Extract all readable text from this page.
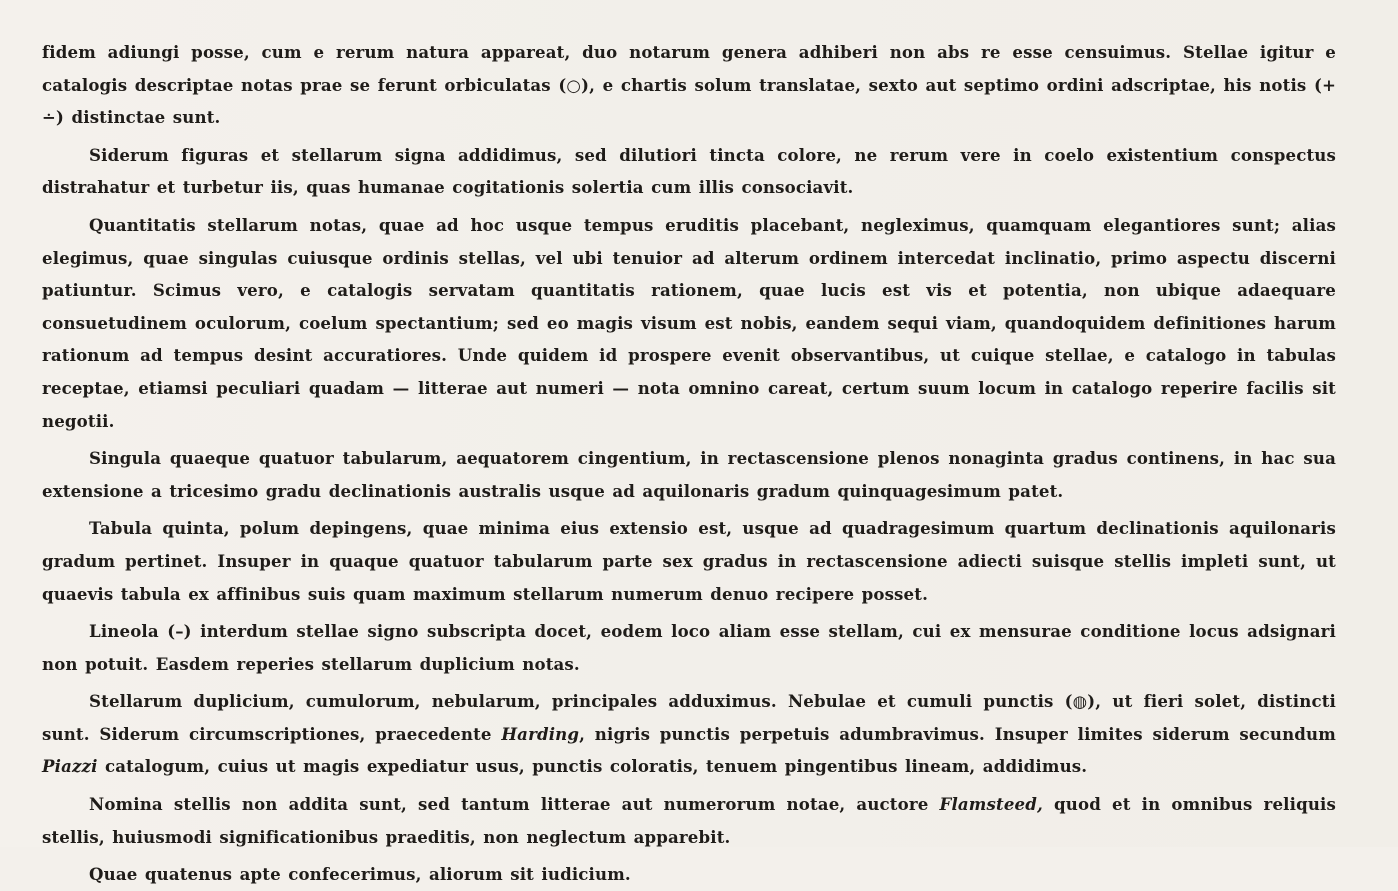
fidem adiungi posse, cum e rerum natura appareat, duo notarum genera adhiberi non abs re esse censuimus. Stellae igitur e catalogis descriptae notas prae se ferunt orbiculatas (○), e chartis solum translatae, sexto aut septimo ordini adscriptae, his notis (+ ∸) distinctae sunt.

Siderum figuras et stellarum signa addidimus, sed dilutiori tincta colore, ne rerum vere in coelo existentium conspectus distrahatur et turbetur iis, quas humanae cogitationis solertia cum illis consociavit.

Quantitatis stellarum notas, quae ad hoc usque tempus eruditis placebant, negleximus, quamquam elegantiores sunt; alias elegimus, quae singulas cuiusque ordinis stellas, vel ubi tenuior ad alterum ordinem intercedat inclinatio, primo aspectu discerni patiuntur. Scimus vero, e catalogis servatam quantitatis rationem, quae lucis est vis et potentia, non ubique adaequare consuetudinem oculorum, coelum spectantium; sed eo magis visum est nobis, eandem sequi viam, quandoquidem definitiones harum rationum ad tempus desint accuratiores. Unde quidem id prospere evenit observantibus, ut cuique stellae, e catalogo in tabulas receptae, etiamsi peculiari quadam — litterae aut numeri — nota omnino careat, certum suum locum in catalogo reperire facilis sit negotii.

Singula quaeque quatuor tabularum, aequatorem cingentium, in rectascensione plenos nonaginta gradus continens, in hac sua extensione a tricesimo gradu declinationis australis usque ad aquilonaris gradum quinquagesimum patet.

Tabula quinta, polum depingens, quae minima eius extensio est, usque ad quadragesimum quartum declinationis aquilonaris gradum pertinet. Insuper in quaque quatuor tabularum parte sex gradus in rectascensione adiecti suisque stellis impleti sunt, ut quaevis tabula ex affinibus suis quam maximum stellarum numerum denuo recipere posset.

Lineola (–) interdum stellae signo subscripta docet, eodem loco aliam esse stellam, cui ex mensurae conditione locus adsignari non potuit. Easdem reperies stellarum duplicium notas.

Stellarum duplicium, cumulorum, nebularum, principales adduximus. Nebulae et cumuli punctis (◍), ut fieri solet, distincti sunt. Siderum circumscriptiones, praecedente Harding, nigris punctis perpetuis adumbravimus. Insuper limites siderum secundum Piazzi catalogum, cuius ut magis expediatur usus, punctis coloratis, tenuem pingentibus lineam, addidimus.

Nomina stellis non addita sunt, sed tantum litterae aut numerorum notae, auctore Flamsteed, quod et in omnibus reliquis stellis, huiusmodi significationibus praeditis, non neglectum apparebit.

Quae quatenus apte confecerimus, aliorum sit iudicium.
